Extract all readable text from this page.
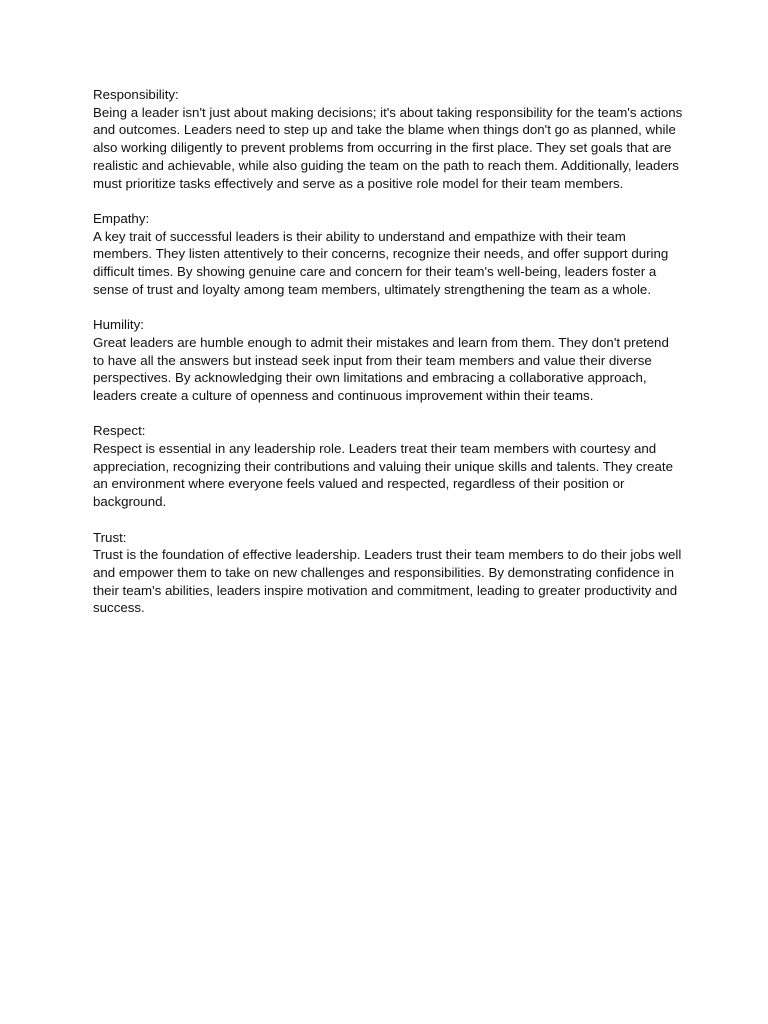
Responsibility:

Being a leader isn't just about making decisions; it's about taking responsibility for the team's actions and outcomes. Leaders need to step up and take the blame when things don't go as planned, while also working diligently to prevent problems from occurring in the first place. They set goals that are realistic and achievable, while also guiding the team on the path to reach them. Additionally, leaders must prioritize tasks effectively and serve as a positive role model for their team members.

Empathy:

A key trait of successful leaders is their ability to understand and empathize with their team members. They listen attentively to their concerns, recognize their needs, and offer support during difficult times. By showing genuine care and concern for their team's well-being, leaders foster a sense of trust and loyalty among team members, ultimately strengthening the team as a whole.

Humility:

Great leaders are humble enough to admit their mistakes and learn from them. They don't pretend to have all the answers but instead seek input from their team members and value their diverse perspectives. By acknowledging their own limitations and embracing a collaborative approach, leaders create a culture of openness and continuous improvement within their teams.

Respect:

Respect is essential in any leadership role. Leaders treat their team members with courtesy and appreciation, recognizing their contributions and valuing their unique skills and talents. They create an environment where everyone feels valued and respected, regardless of their position or background.

Trust:

Trust is the foundation of effective leadership. Leaders trust their team members to do their jobs well and empower them to take on new challenges and responsibilities. By demonstrating confidence in their team's abilities, leaders inspire motivation and commitment, leading to greater productivity and success.
